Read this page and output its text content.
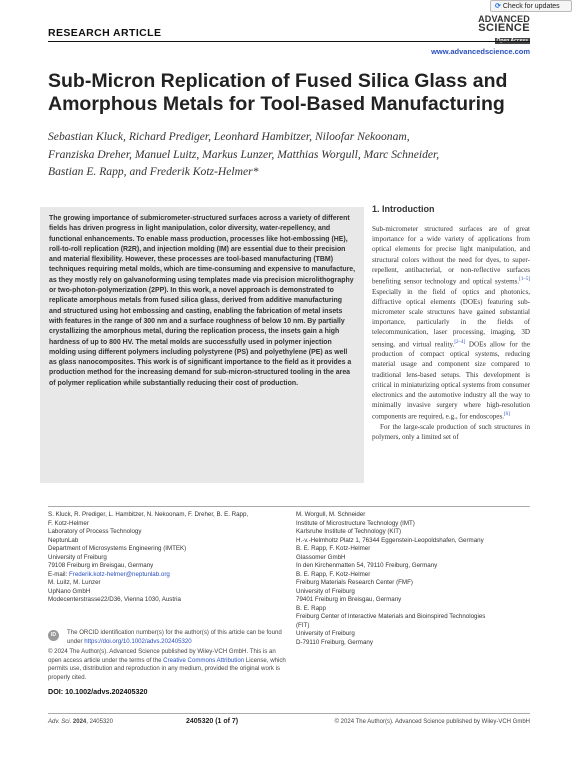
⟳ Check for updates
RESEARCH ARTICLE
ADVANCED
SCIENCE
Open Access
www.advancedscience.com
Sub-Micron Replication of Fused Silica Glass and Amorphous Metals for Tool-Based Manufacturing
Sebastian Kluck, Richard Prediger, Leonhard Hambitzer, Niloofar Nekoonam,
Franziska Dreher, Manuel Luitz, Markus Lunzer, Matthias Worgull, Marc Schneider,
Bastian E. Rapp, and Frederik Kotz-Helmer*
The growing importance of submicrometer-structured surfaces across a variety of different fields has driven progress in light manipulation, color diversity, water-repellency, and functional enhancements. To enable mass production, processes like hot-embossing (HE), roll-to-roll replication (R2R), and injection molding (IM) are essential due to their precision and material flexibility. However, these processes are tool-based manufacturing (TBM) techniques requiring metal molds, which are time-consuming and expensive to manufacture, as they mostly rely on galvanoforming using templates made via precision microlithography or two-photon-polymerization (2PP). In this work, a novel approach is demonstrated to replicate amorphous metals from fused silica glass, derived from additive manufacturing and structured using hot embossing and casting, enabling the fabrication of metal insets with features in the range of 300 nm and a surface roughness of below 10 nm. By partially crystallizing the amorphous metal, during the replication process, the insets gain a high hardness of up to 800 HV. The metal molds are successfully used in polymer injection molding using different polymers including polystyrene (PS) and polyethylene (PE) as well as glass nanocomposites. This work is of significant importance to the field as it provides a production method for the increasing demand for sub-micron-structured tooling in the area of polymer replication while substantially reducing their cost of production.
1. Introduction

Sub-micrometer structured surfaces are of great importance for a wide variety of applications from optical elements for precise light manipulation, and structural colors without the need for dyes, to super-repellent, antibacterial, or non-reflective surfaces benefiting sensor technology and optical systems.[1–5] Especially in the field of optics and photonics, diffractive optical elements (DOEs) featuring sub-micrometer scale structures have gained substantial importance, particularly in the fields of telecommunication, laser processing, imaging, 3D sensing, and virtual reality.[2–4] DOEs allow for the production of compact optical systems, reducing material usage and component size compared to traditional lens-based setups. This development is critical in miniaturizing optical systems from consumer electronics and the automotive industry all the way to minimally invasive surgery where high-resolution components are required, e.g., for endoscopes.[6]

For the large-scale production of such structures in polymers, only a limited set of

S. Kluck, R. Prediger, L. Hambitzer, N. Nekoonam, F. Dreher, B. E. Rapp,
F. Kotz-Helmer
Laboratory of Process Technology
NeptunLab
Department of Microsystems Engineering (IMTEK)
University of Freiburg
79108 Freiburg im Breisgau, Germany
E-mail: Frederik.kotz-helmer@neptunlab.org
M. Luitz, M. Lunzer
UpNano GmbH
Modecenterstrasse22/D36, Vienna 1030, Austria
M. Worgull, M. Schneider
Institute of Microstructure Technology (IMT)
Karlsruhe Institute of Technology (KIT)
H.-v.-Helmholtz Platz 1, 76344 Eggenstein-Leopoldshafen, Germany
B. E. Rapp, F. Kotz-Helmer
Glassomer GmbH
In den Kirchenmatten 54, 79110 Freiburg, Germany
B. E. Rapp, F. Kotz-Helmer
Freiburg Materials Research Center (FMF)
University of Freiburg
79401 Freiburg im Breisgau, Germany
B. E. Rapp
Freiburg Center of Interactive Materials and Bioinspired Technologies
(FIT)
University of Freiburg
D-79110 Freiburg, Germany
ID	The ORCID identification number(s) for the author(s) of this article can be found under https://doi.org/10.1002/advs.202405320
© 2024 The Author(s). Advanced Science published by Wiley-VCH GmbH. This is an open access article under the terms of the Creative Commons Attribution License, which permits use, distribution and reproduction in any medium, provided the original work is properly cited.
DOI: 10.1002/advs.202405320
Adv. Sci. 2024, 2405320	2405320 (1 of 7)	© 2024 The Author(s). Advanced Science published by Wiley-VCH GmbH
